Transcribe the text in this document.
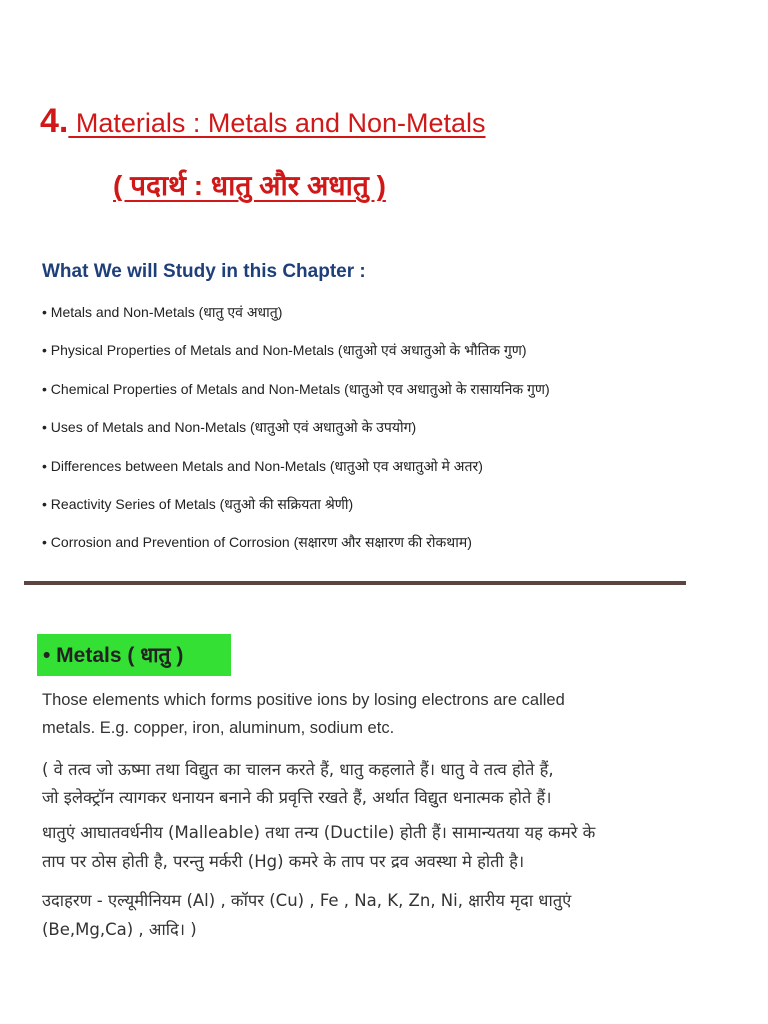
4. Materials : Metals and Non-Metals
( पदार्थ : धातु और अधातु )
What We will Study in this Chapter :
• Metals and Non-Metals (धातु एवं अधातु)
• Physical Properties of Metals and Non-Metals (धातुओ एवं अधातुओ के भौतिक गुण)
• Chemical Properties of Metals and Non-Metals (धातुओ एव अधातुओ के रासायनिक गुण)
• Uses of Metals and Non-Metals (धातुओ एवं अधातुओ के उपयोग)
• Differences between Metals and Non-Metals (धातुओ एव अधातुओ मे अतर)
• Reactivity Series of Metals (धतुओ की सक्रियता श्रेणी)
• Corrosion and Prevention of Corrosion (सक्षारण और सक्षारण की रोकथाम)
• Metals ( धातु )
Those elements which forms positive ions by losing electrons are called
metals. E.g. copper, iron, aluminum, sodium etc.
( वे तत्व जो ऊष्मा तथा विद्युत का चालन करते हैं, धातु कहलाते हैं। धातु वे तत्व होते हैं,
जो इलेक्ट्रॉन त्यागकर धनायन बनाने की प्रवृत्ति रखते हैं, अर्थात विद्युत धनात्मक होते हैं।
धातुएं आघातवर्धनीय (Malleable) तथा तन्य (Ductile) होती हैं। सामान्यतया यह कमरे के
ताप पर ठोस होती है, परन्तु मर्करी (Hg) कमरे के ताप पर द्रव अवस्था मे होती है।
उदाहरण - एल्यूमीनियम (Al) , कॉपर (Cu) , Fe , Na, K, Zn, Ni, क्षारीय मृदा धातुएं
(Be,Mg,Ca) , आदि। )
